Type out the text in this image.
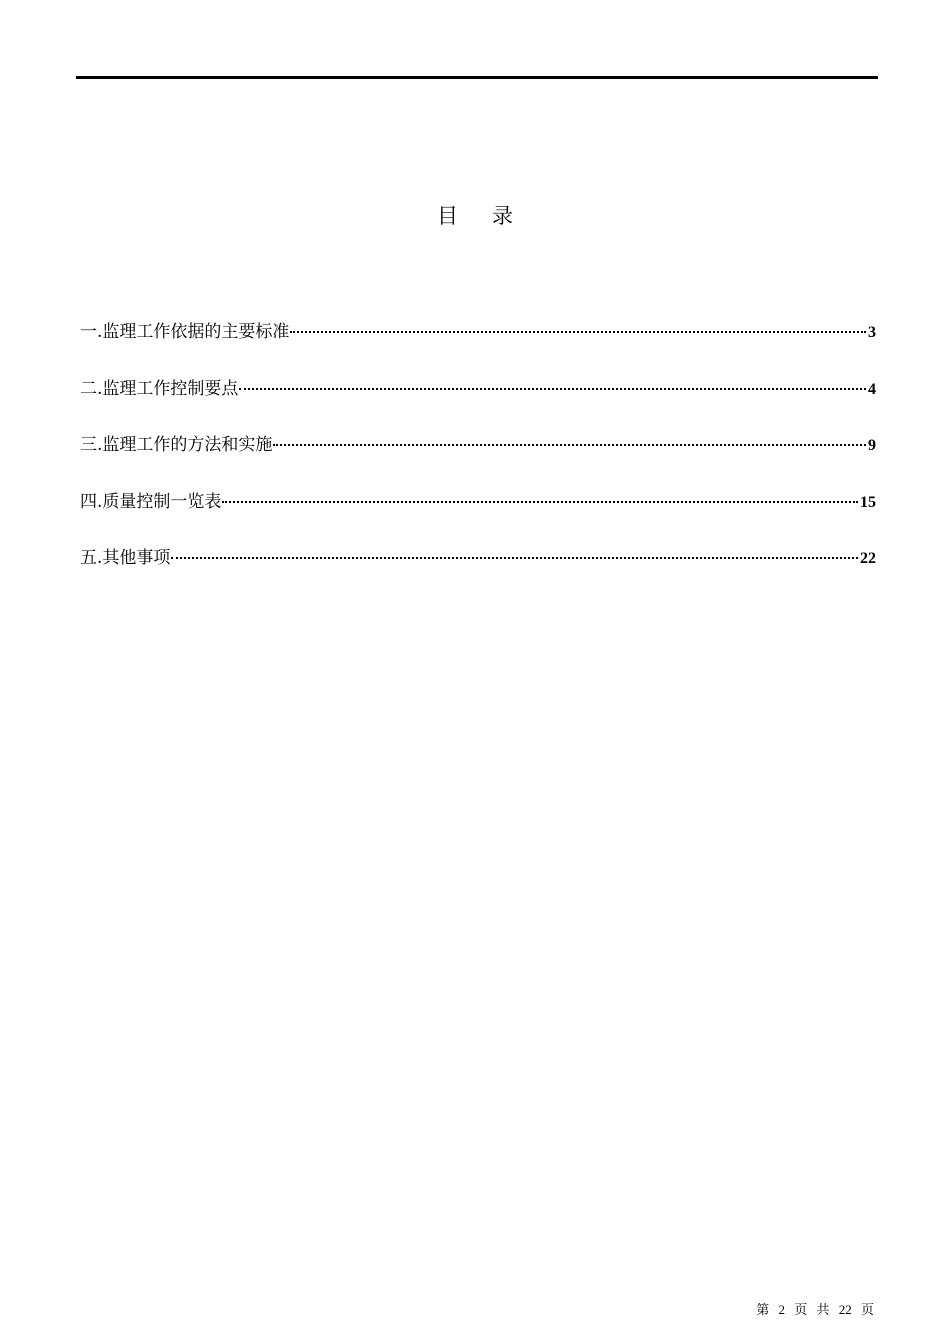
目录
一. 监理工作依据的主要标准	3
二. 监理工作控制要点	4
三. 监理工作的方法和实施	9
四. 质量控制一览表	15
五. 其他事项	22
第 2 页 共 22 页
